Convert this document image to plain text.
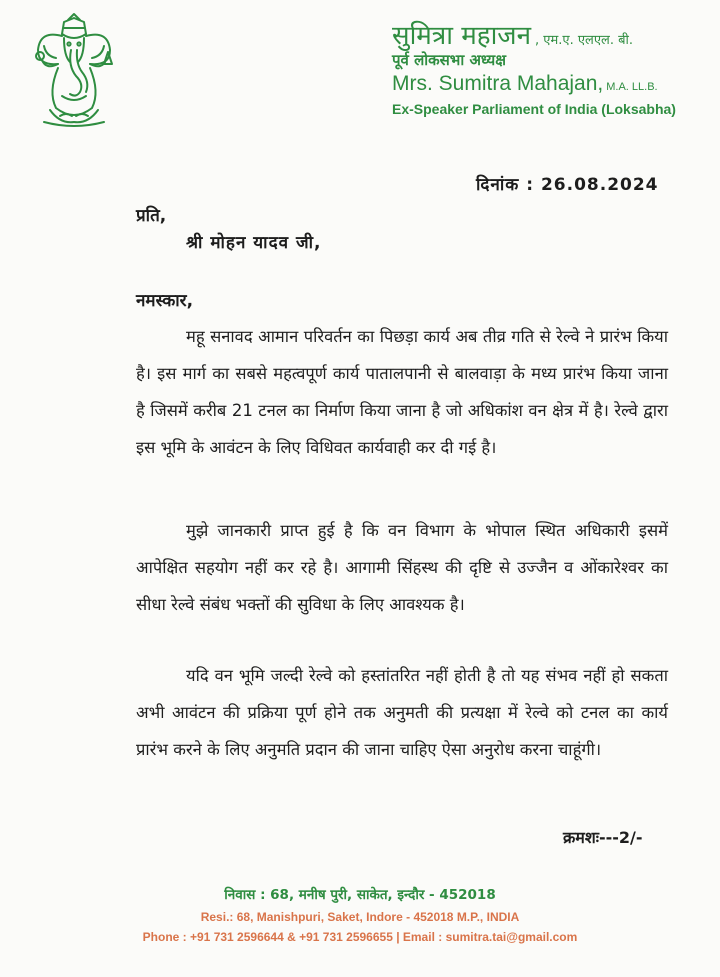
सुमित्रा महाजन , एम.ए. एलएल. बी.
पूर्व लोकसभा अध्यक्ष
Mrs. Sumitra Mahajan, M.A. LL.B.
Ex-Speaker Parliament of India (Loksabha)
दिनांक : 26.08.2024
प्रति,
श्री मोहन यादव जी,
नमस्कार,

महू सनावद आमान परिवर्तन का पिछड़ा कार्य अब तीव्र गति से रेल्वे ने प्रारंभ किया है। इस मार्ग का सबसे महत्वपूर्ण कार्य पातालपानी से बालवाड़ा के मध्य प्रारंभ किया जाना है जिसमें करीब 21 टनल का निर्माण किया जाना है जो अधिकांश वन क्षेत्र में है। रेल्वे द्वारा इस भूमि के आवंटन के लिए विधिवत कार्यवाही कर दी गई है।

मुझे जानकारी प्राप्त हुई है कि वन विभाग के भोपाल स्थित अधिकारी इसमें आपेक्षित सहयोग नहीं कर रहे है। आगामी सिंहस्थ की दृष्टि से उज्जैन व ओंकारेश्वर का सीधा रेल्वे संबंध भक्तों की सुविधा के लिए आवश्यक है।

यदि वन भूमि जल्दी रेल्वे को हस्तांतरित नहीं होती है तो यह संभव नहीं हो सकता अभी आवंटन की प्रक्रिया पूर्ण होने तक अनुमती की प्रत्यक्षा में रेल्वे को टनल का कार्य प्रारंभ करने के लिए अनुमति प्रदान की जाना चाहिए ऐसा अनुरोध करना चाहूंगी।

क्रमशः---2/-
निवास : 68, मनीष पुरी, साकेत, इन्दौर - 452018
Resi.: 68, Manishpuri, Saket, Indore - 452018 M.P., INDIA
Phone : +91 731 2596644 & +91 731 2596655 | Email : sumitra.tai@gmail.com
